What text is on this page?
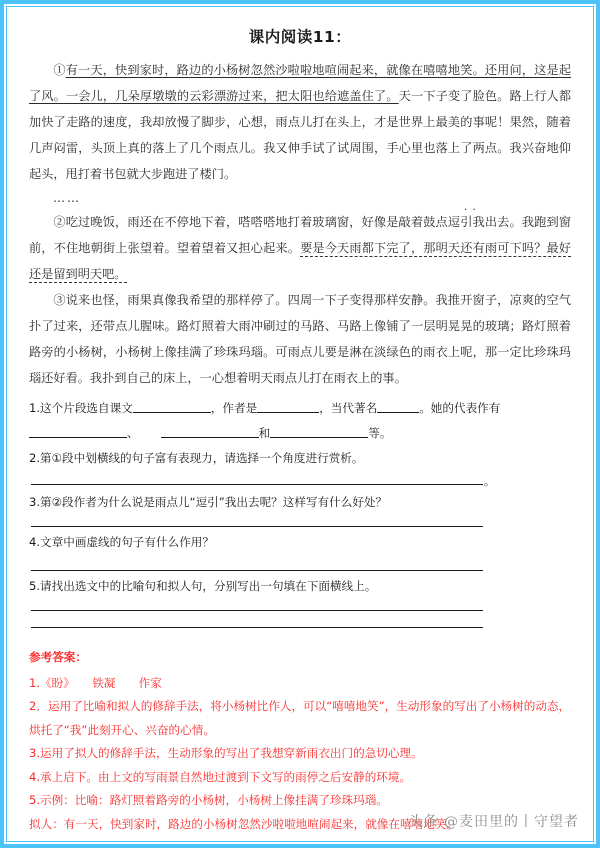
课内阅读11：

①有一天，快到家时，路边的小杨树忽然沙啦啦地喧闹起来，就像在嘻嘻地笑。还用问，这是起了风。一会儿，几朵厚墩墩的云彩漂游过来，把太阳也给遮盖住了。天一下子变了脸色。路上行人都加快了走路的速度，我却放慢了脚步，心想，雨点儿打在头上，才是世界上最美的事呢！果然，随着几声闷雷，头顶上真的落上了几个雨点儿。我又伸手试了试周围，手心里也落上了两点。我兴奋地仰起头，甩打着书包就大步跑进了楼门。

……

②吃过晚饭，雨还在不停地下着，嗒嗒嗒地打着玻璃窗，好像是敲着鼓点·· 逗引我出去。我跑到窗前，不住地朝街上张望着。望着望着又担心起来。要是今天雨都下完了，那明天还有雨可下吗？最好还是留到明天吧。

③说来也怪，雨果真像我希望的那样停了。四周一下子变得那样安静。我推开窗子，凉爽的空气扑了过来，还带点儿腥味。路灯照着大雨冲刷过的马路、马路上像铺了一层明晃晃的玻璃；路灯照着路旁的小杨树，小杨树上像挂满了珍珠玛瑙。可雨点儿要是淋在淡绿色的雨衣上呢，那一定比珍珠玛瑙还好看。我扑到自己的床上，一心想着明天雨点儿打在雨衣上的事。

1.这个片段选自课文	，作者是	，当代著名	。她的代表作有

、	和	等。

2.第①段中划横线的句子富有表现力，请选择一个角度进行赏析。

。

3.第②段作者为什么说是雨点儿“逗引”我出去呢？这样写有什么好处？

4.文章中画虚线的句子有什么作用？

5.请找出选文中的比喻句和拟人句，分别写出一句填在下面横线上。

参考答案：

1.《盼》　　铁凝　　作家

2．运用了比喻和拟人的修辞手法，将小杨树比作人，可以“嘻嘻地笑”，生动形象的写出了小杨树的动态，烘托了“我”此刻开心、兴奋的心情。

3.运用了拟人的修辞手法，生动形象的写出了我想穿新雨衣出门的急切心理。

4.承上启下。由上文的写雨景自然地过渡到下文写的雨停之后安静的环境。

5.示例：比喻：路灯照着路旁的小杨树，小杨树上像挂满了珍珠玛瑙。

拟人：有一天，快到家时，路边的小杨树忽然沙啦啦地喧闹起来，就像在嘻嘻地笑。

头条 @麦田里的丨守望者
